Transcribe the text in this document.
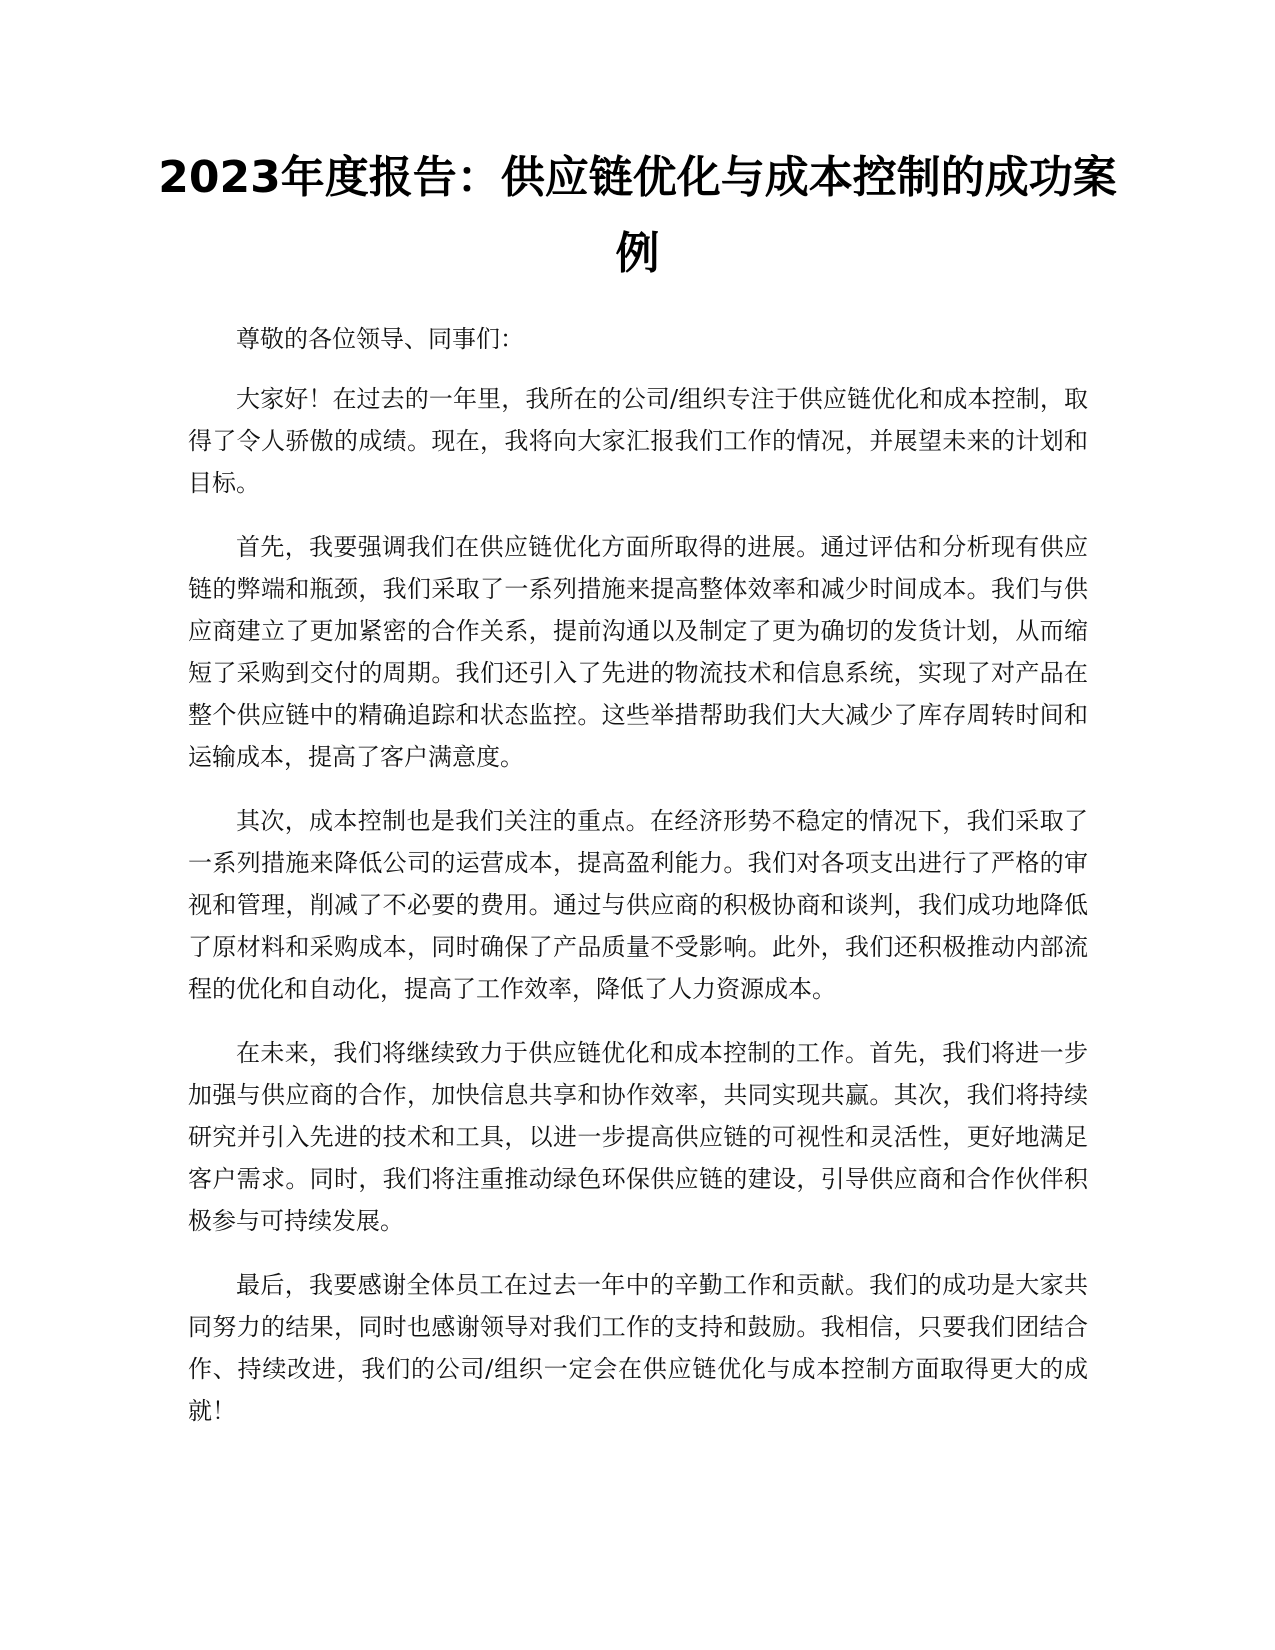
2023年度报告：供应链优化与成本控制的成功案例

尊敬的各位领导、同事们：

大家好！在过去的一年里，我所在的公司/组织专注于供应链优化和成本控制，取得了令人骄傲的成绩。现在，我将向大家汇报我们工作的情况，并展望未来的计划和目标。

首先，我要强调我们在供应链优化方面所取得的进展。通过评估和分析现有供应链的弊端和瓶颈，我们采取了一系列措施来提高整体效率和减少时间成本。我们与供应商建立了更加紧密的合作关系，提前沟通以及制定了更为确切的发货计划，从而缩短了采购到交付的周期。我们还引入了先进的物流技术和信息系统，实现了对产品在整个供应链中的精确追踪和状态监控。这些举措帮助我们大大减少了库存周转时间和运输成本，提高了客户满意度。

其次，成本控制也是我们关注的重点。在经济形势不稳定的情况下，我们采取了一系列措施来降低公司的运营成本，提高盈利能力。我们对各项支出进行了严格的审视和管理，削减了不必要的费用。通过与供应商的积极协商和谈判，我们成功地降低了原材料和采购成本，同时确保了产品质量不受影响。此外，我们还积极推动内部流程的优化和自动化，提高了工作效率，降低了人力资源成本。

在未来，我们将继续致力于供应链优化和成本控制的工作。首先，我们将进一步加强与供应商的合作，加快信息共享和协作效率，共同实现共赢。其次，我们将持续研究并引入先进的技术和工具，以进一步提高供应链的可视性和灵活性，更好地满足客户需求。同时，我们将注重推动绿色环保供应链的建设，引导供应商和合作伙伴积极参与可持续发展。

最后，我要感谢全体员工在过去一年中的辛勤工作和贡献。我们的成功是大家共同努力的结果，同时也感谢领导对我们工作的支持和鼓励。我相信，只要我们团结合作、持续改进，我们的公司/组织一定会在供应链优化与成本控制方面取得更大的成就！
